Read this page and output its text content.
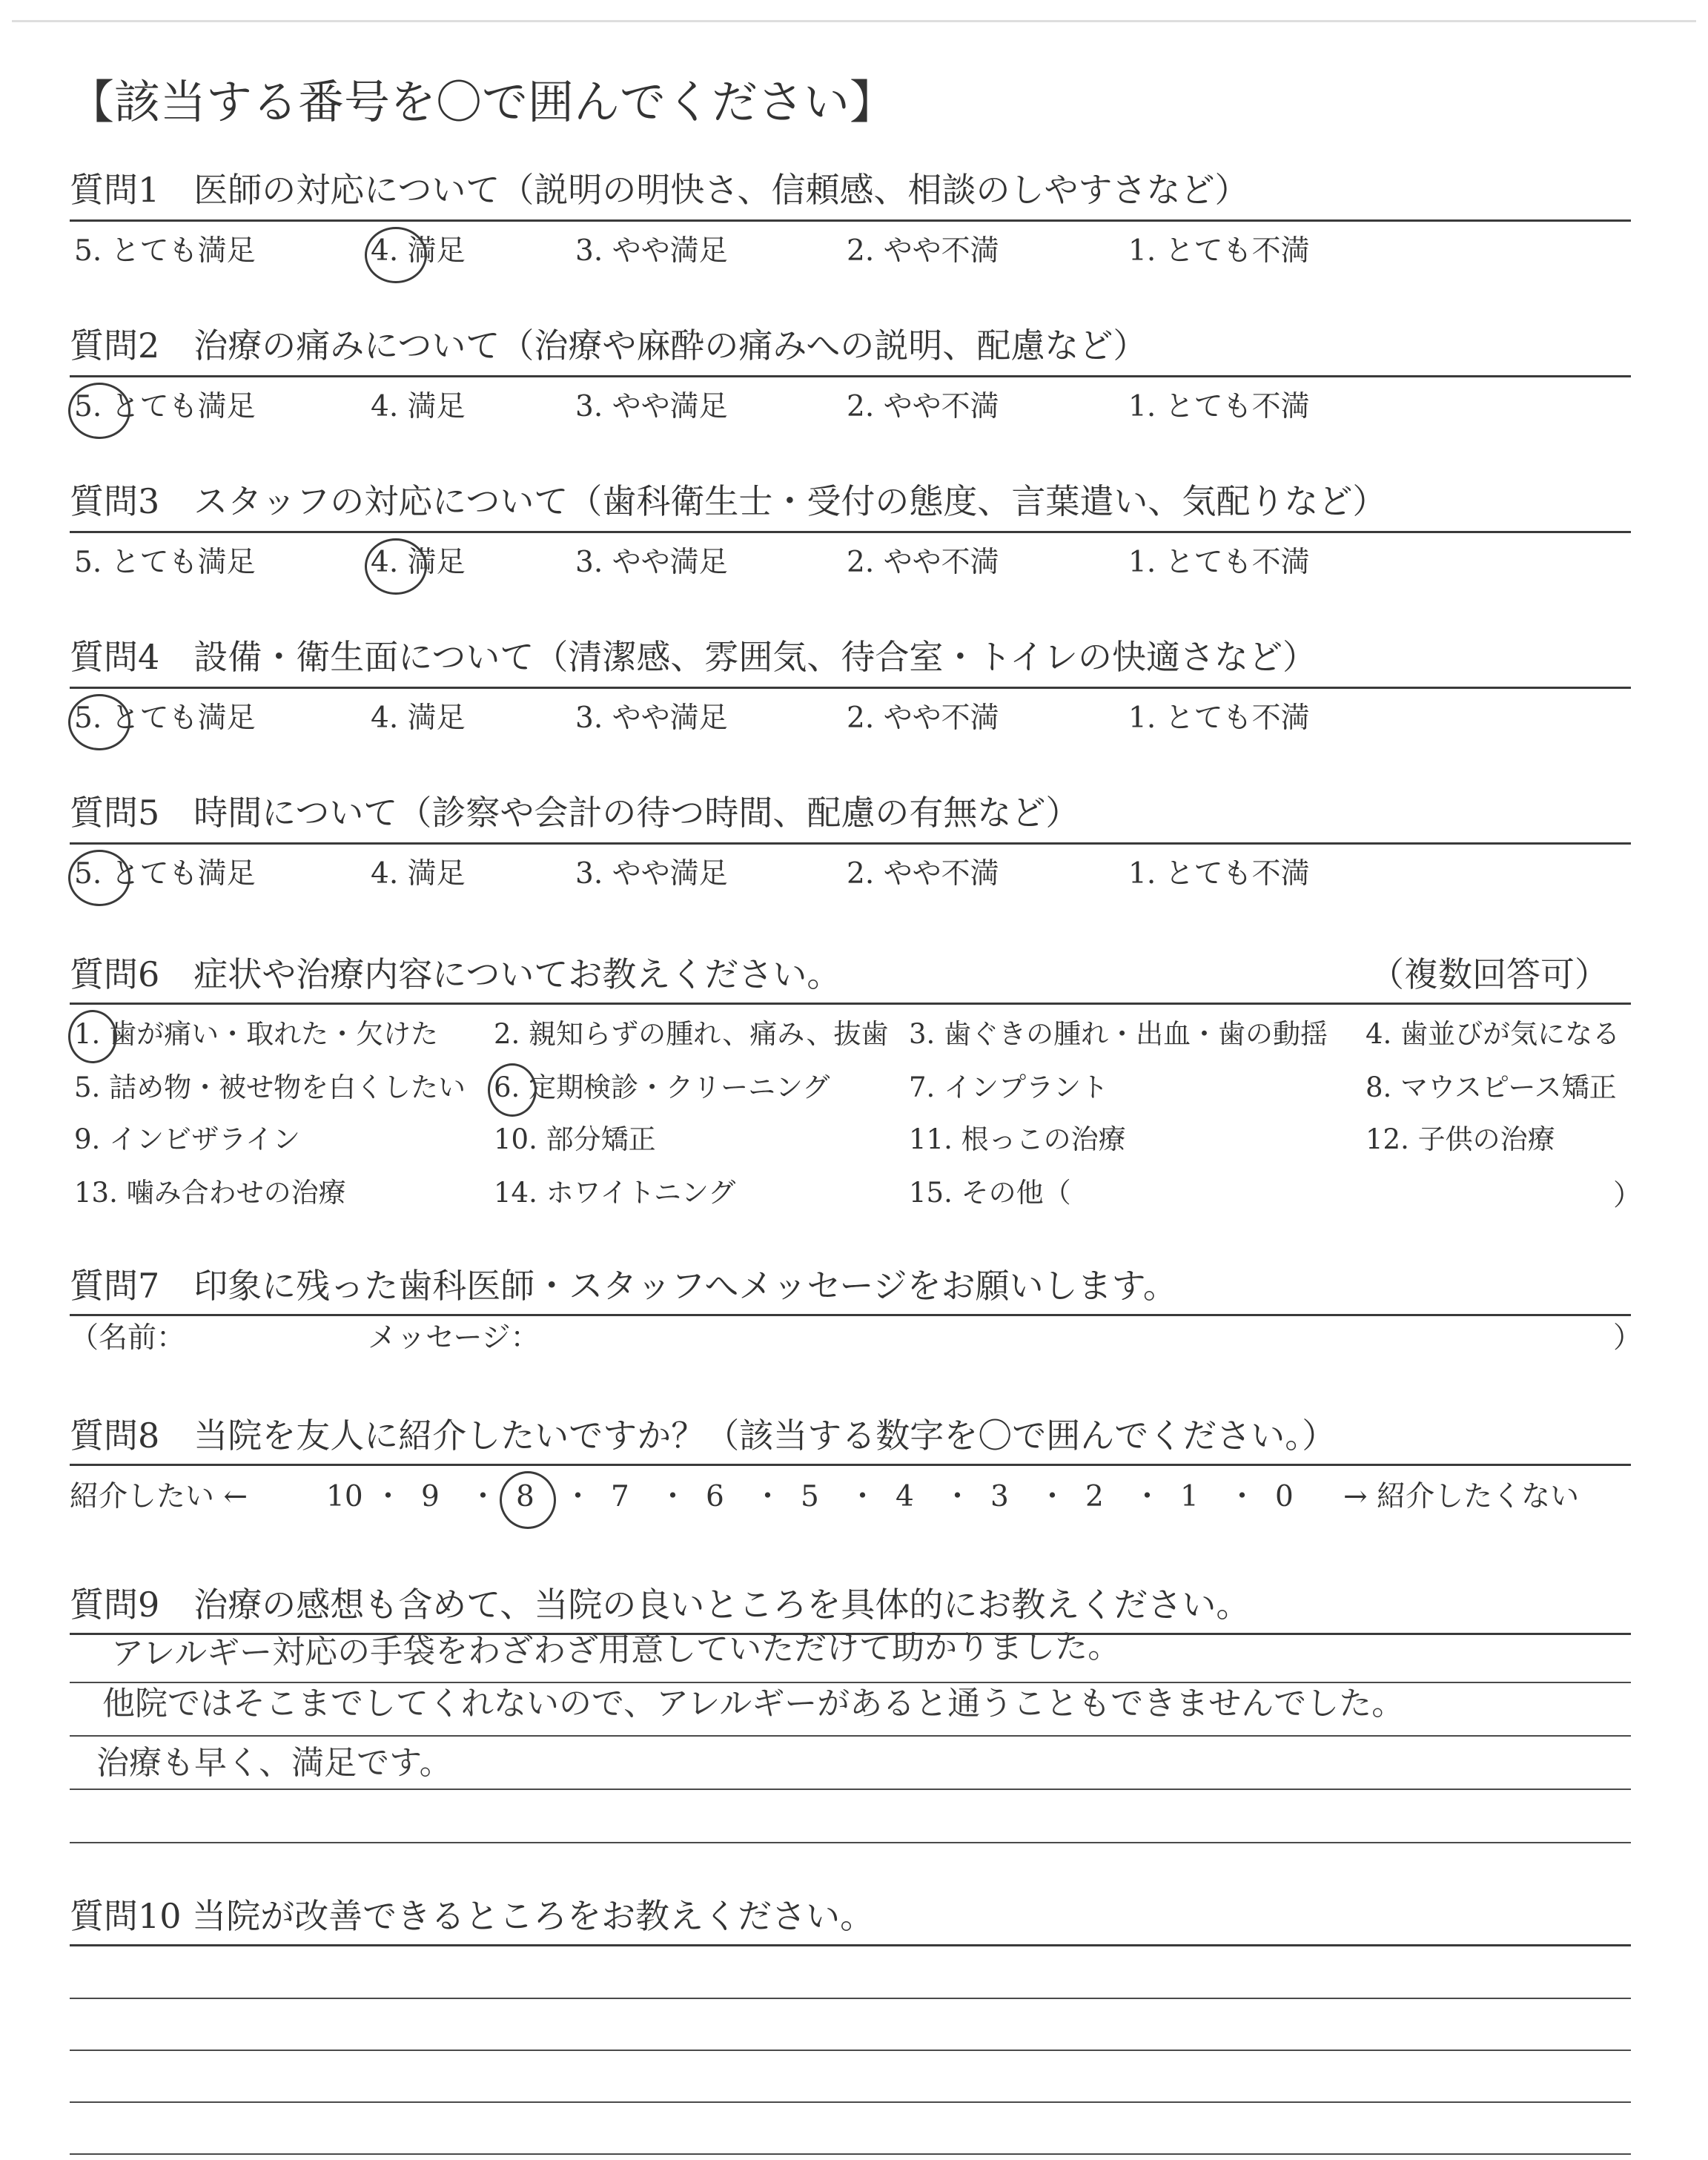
【該当する番号を〇で囲んでください】
質問1　医師の対応について（説明の明快さ、信頼感、相談のしやすさなど）
5. とても満足	4. 満足	3. やや満足	2. やや不満	1. とても不満
質問2　治療の痛みについて（治療や麻酔の痛みへの説明、配慮など）
5. とても満足	4. 満足	3. やや満足	2. やや不満	1. とても不満
質問3　スタッフの対応について（歯科衛生士・受付の態度、言葉遣い、気配りなど）
5. とても満足	4. 満足	3. やや満足	2. やや不満	1. とても不満
質問4　設備・衛生面について（清潔感、雰囲気、待合室・トイレの快適さなど）
5. とても満足	4. 満足	3. やや満足	2. やや不満	1. とても不満
質問5　時間について（診察や会計の待つ時間、配慮の有無など）
5. とても満足	4. 満足	3. やや満足	2. やや不満	1. とても不満
質問6　症状や治療内容についてお教えください。	（複数回答可）
1. 歯が痛い・取れた・欠けた 2. 親知らずの腫れ、痛み、抜歯 3. 歯ぐきの腫れ・出血・歯の動揺 4. 歯並びが気になる
5. 詰め物・被せ物を白くしたい 6. 定期検診・クリーニング	7. インプラント	8. マウスピース矯正
9. インビザライン	10. 部分矯正	11. 根っこの治療	12. 子供の治療
13. 噛み合わせの治療	14. ホワイトニング	15. その他（	）
質問7　印象に残った歯科医師・スタッフへメッセージをお願いします。
（名前：	メッセージ：	）
質問8　当院を友人に紹介したいですか？（該当する数字を〇で囲んでください。）
紹介したい ←	10 ・ 9 ・ 8 ・ 7 ・ 6 ・ 5 ・ 4 ・ 3 ・ 2 ・ 1 ・ 0 → 紹介したくない
質問9　治療の感想も含めて、当院の良いところを具体的にお教えください。
アレルギー対応の手袋をわざわざ用意していただけて助かりました。
他院ではそこまでしてくれないので、アレルギーがあると通うこともできませんでした。
治療も早く、満足です。
質問10 当院が改善できるところをお教えください。
